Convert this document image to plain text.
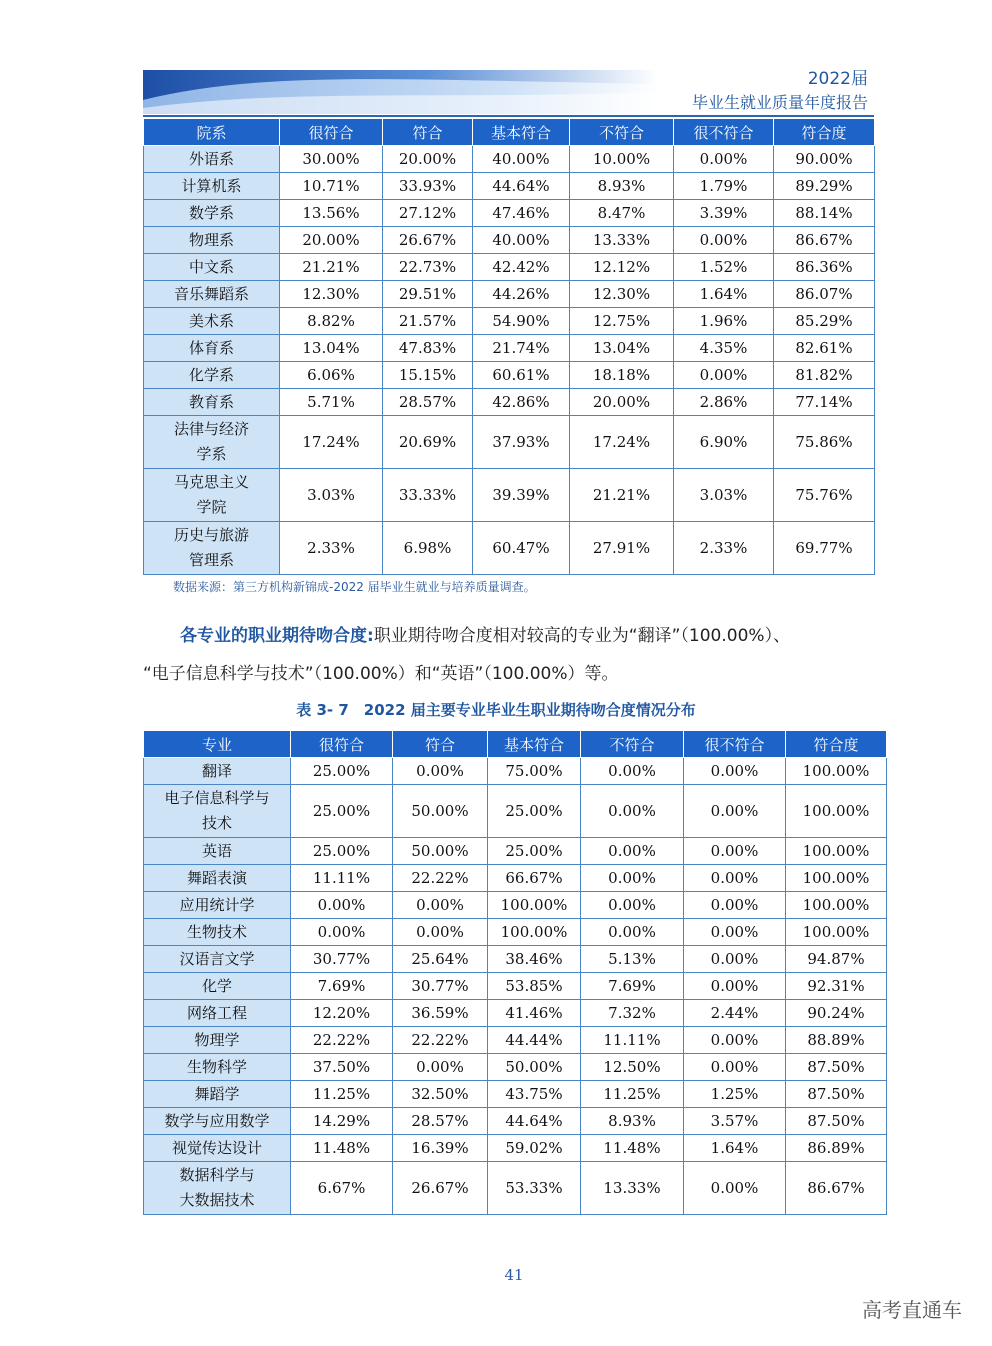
2022届
毕业生就业质量年度报告
院系	很符合	符合	基本符合	不符合	很不符合	符合度
外语系	30.00%	20.00%	40.00%	10.00%	0.00%	90.00%
计算机系	10.71%	33.93%	44.64%	8.93%	1.79%	89.29%
数学系	13.56%	27.12%	47.46%	8.47%	3.39%	88.14%
物理系	20.00%	26.67%	40.00%	13.33%	0.00%	86.67%
中文系	21.21%	22.73%	42.42%	12.12%	1.52%	86.36%
音乐舞蹈系	12.30%	29.51%	44.26%	12.30%	1.64%	86.07%
美术系	8.82%	21.57%	54.90%	12.75%	1.96%	85.29%
体育系	13.04%	47.83%	21.74%	13.04%	4.35%	82.61%
化学系	6.06%	15.15%	60.61%	18.18%	0.00%	81.82%
教育系	5.71%	28.57%	42.86%	20.00%	2.86%	77.14%
法律与经济
学系	17.24%	20.69%	37.93%	17.24%	6.90%	75.86%
马克思主义
学院	3.03%	33.33%	39.39%	21.21%	3.03%	75.76%
历史与旅游
管理系	2.33%	6.98%	60.47%	27.91%	2.33%	69.77%
数据来源：第三方机构新锦成-2022 届毕业生就业与培养质量调查。
各专业的职业期待吻合度:职业期待吻合度相对较高的专业为“翻译”（100.00%）、
“电子信息科学与技术”（100.00%）和“英语”（100.00%）等。
表 3- 7　2022 届主要专业毕业生职业期待吻合度情况分布
专业	很符合	符合	基本符合	不符合	很不符合	符合度
翻译	25.00%	0.00%	75.00%	0.00%	0.00%	100.00%
电子信息科学与
技术	25.00%	50.00%	25.00%	0.00%	0.00%	100.00%
英语	25.00%	50.00%	25.00%	0.00%	0.00%	100.00%
舞蹈表演	11.11%	22.22%	66.67%	0.00%	0.00%	100.00%
应用统计学	0.00%	0.00%	100.00%	0.00%	0.00%	100.00%
生物技术	0.00%	0.00%	100.00%	0.00%	0.00%	100.00%
汉语言文学	30.77%	25.64%	38.46%	5.13%	0.00%	94.87%
化学	7.69%	30.77%	53.85%	7.69%	0.00%	92.31%
网络工程	12.20%	36.59%	41.46%	7.32%	2.44%	90.24%
物理学	22.22%	22.22%	44.44%	11.11%	0.00%	88.89%
生物科学	37.50%	0.00%	50.00%	12.50%	0.00%	87.50%
舞蹈学	11.25%	32.50%	43.75%	11.25%	1.25%	87.50%
数学与应用数学	14.29%	28.57%	44.64%	8.93%	3.57%	87.50%
视觉传达设计	11.48%	16.39%	59.02%	11.48%	1.64%	86.89%
数据科学与
大数据技术	6.67%	26.67%	53.33%	13.33%	0.00%	86.67%
41
高考直通车
